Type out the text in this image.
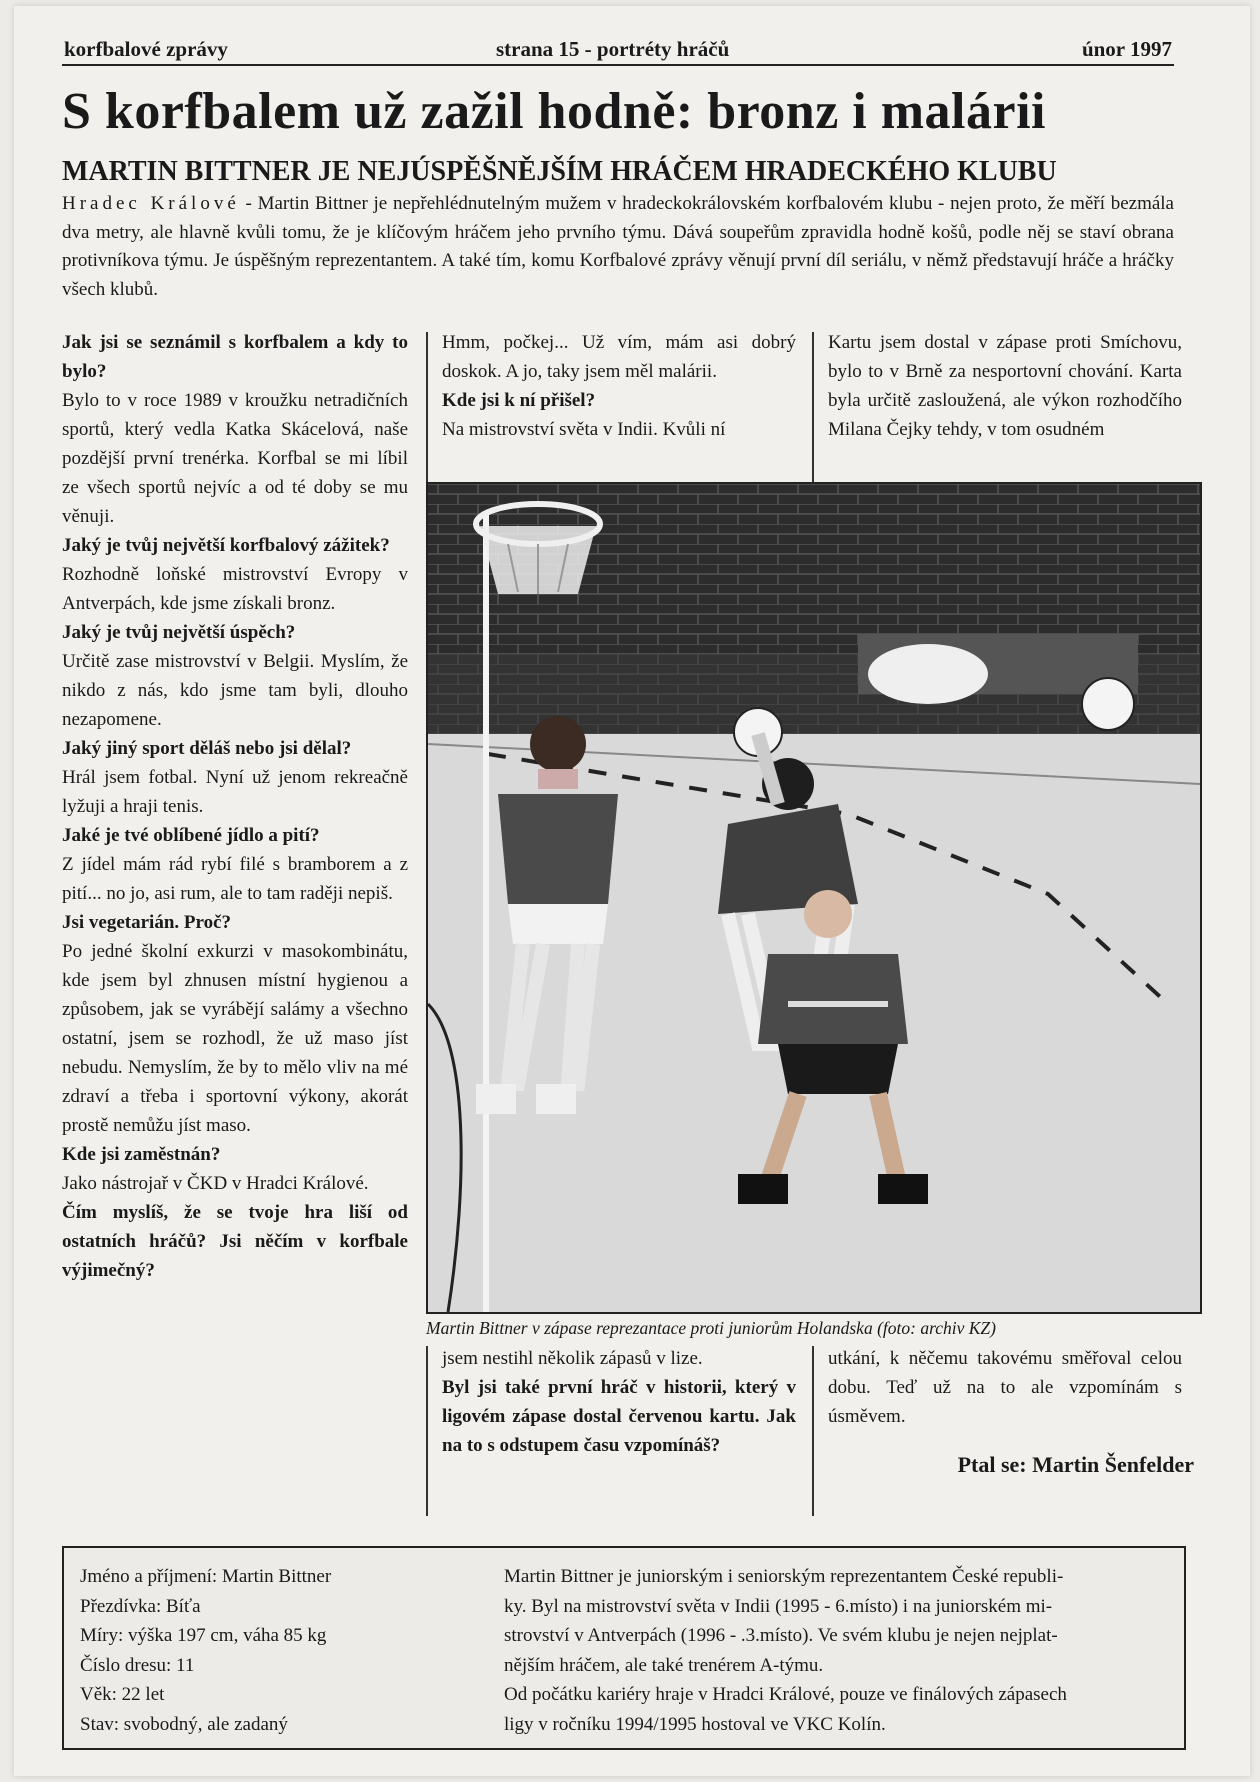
korfbalové zprávy	strana 15 - portréty hráčů	únor 1997
S korfbalem už zažil hodně: bronz i malárii
MARTIN BITTNER JE NEJÚSPĚŠNĚJŠÍM HRÁČEM HRADECKÉHO KLUBU
Hradec Králové - Martin Bittner je nepřehlédnutelným mužem v hradeckokrálovském korfbalovém klubu - nejen proto, že měří bezmála dva metry, ale hlavně kvůli tomu, že je klíčovým hráčem jeho prvního týmu. Dává soupeřům zpravidla hodně košů, podle něj se staví obrana protivníkova týmu. Je úspěšným reprezentantem. A také tím, komu Korfbalové zprávy věnují první díl seriálu, v němž představují hráče a hráčky všech klubů.

Jak jsi se seznámil s korfbalem a kdy to bylo?

Bylo to v roce 1989 v kroužku netradičních sportů, který vedla Katka Skácelová, naše pozdější první trenérka. Korfbal se mi líbil ze všech sportů nejvíc a od té doby se mu věnuji.

Jaký je tvůj největší korfbalový zážitek?

Rozhodně loňské mistrovství Evropy v Antverpách, kde jsme získali bronz.

Jaký je tvůj největší úspěch?

Určitě zase mistrovství v Belgii. Myslím, že nikdo z nás, kdo jsme tam byli, dlouho nezapomene.

Jaký jiný sport děláš nebo jsi dělal?

Hrál jsem fotbal. Nyní už jenom rekreačně lyžuji a hraji tenis.

Jaké je tvé oblíbené jídlo a pití?

Z jídel mám rád rybí filé s bramborem a z pití... no jo, asi rum, ale to tam raději nepiš.

Jsi vegetarián. Proč?

Po jedné školní exkurzi v masokombinátu, kde jsem byl zhnusen místní hygienou a způsobem, jak se vyrábějí salámy a všechno ostatní, jsem se rozhodl, že už maso jíst nebudu. Nemyslím, že by to mělo vliv na mé zdraví a třeba i sportovní výkony, akorát prostě nemůžu jíst maso.

Kde jsi zaměstnán?

Jako nástrojař v ČKD v Hradci Králové.

Čím myslíš, že se tvoje hra liší od ostatních hráčů? Jsi něčím v korfbale výjimečný?

Hmm, počkej... Už vím, mám asi dobrý doskok. A jo, taky jsem měl malárii.

Kde jsi k ní přišel?

Na mistrovství světa v Indii. Kvůli ní

Kartu jsem dostal v zápase proti Smíchovu, bylo to v Brně za nesportovní chování. Karta byla určitě zasloužená, ale výkon rozhodčího Milana Čejky tehdy, v tom osudném

Martin Bittner v zápase reprezantace proti juniorům Holandska (foto: archiv KZ)

jsem nestihl několik zápasů v lize.

Byl jsi také první hráč v historii, který v ligovém zápase dostal červenou kartu. Jak na to s odstupem času vzpomínáš?

utkání, k něčemu takovému směřoval celou dobu. Teď už na to ale vzpomínám s úsměvem.

Ptal se: Martin Šenfelder
Jméno a příjmení: Martin Bittner
Přezdívka: Bíťa
Míry: výška 197 cm, váha 85 kg
Číslo dresu: 11
Věk: 22 let
Stav: svobodný, ale zadaný
Martin Bittner je juniorským i seniorským reprezentantem České republi-
ky. Byl na mistrovství světa v Indii (1995 - 6.místo) i na juniorském mi-
strovství v Antverpách (1996 - .3.místo). Ve svém klubu je nejen nejplat-
nějším hráčem, ale také trenérem A-týmu.
Od počátku kariéry hraje v Hradci Králové, pouze ve finálových zápasech
ligy v ročníku 1994/1995 hostoval ve VKC Kolín.
